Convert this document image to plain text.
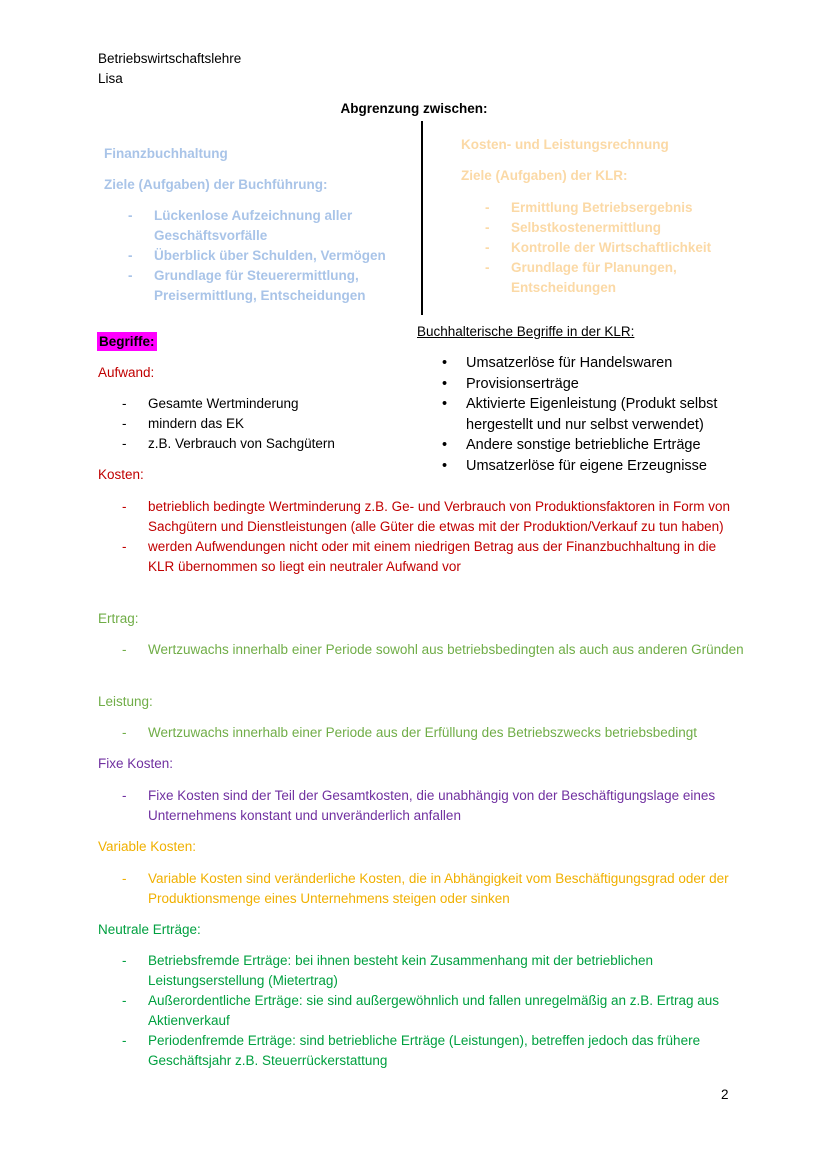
Betriebswirtschaftslehre
Lisa
Abgrenzung zwischen:
Finanzbuchhaltung
Ziele (Aufgaben) der Buchführung:
- Lückenlose Aufzeichnung aller Geschäftsvorfälle
- Überblick über Schulden, Vermögen
- Grundlage für Steuerermittlung, Preisermittlung, Entscheidungen
Kosten- und Leistungsrechnung
Ziele (Aufgaben) der KLR:
- Ermittlung Betriebsergebnis
- Selbstkostenermittlung
- Kontrolle der Wirtschaftlichkeit
- Grundlage für Planungen, Entscheidungen
Begriffe:
Buchhalterische Begriffe in der KLR:
• Umsatzerlöse für Handelswaren
• Provisionserträge
• Aktivierte Eigenleistung (Produkt selbst hergestellt und nur selbst verwendet)
• Andere sonstige betriebliche Erträge
• Umsatzerlöse für eigene Erzeugnisse
Aufwand:
- Gesamte Wertminderung
- mindern das EK
- z.B. Verbrauch von Sachgütern
Kosten:
- betrieblich bedingte Wertminderung z.B. Ge- und Verbrauch von Produktionsfaktoren in Form von Sachgütern und Dienstleistungen (alle Güter die etwas mit der Produktion/Verkauf zu tun haben)
- werden Aufwendungen nicht oder mit einem niedrigen Betrag aus der Finanzbuchhaltung in die KLR übernommen so liegt ein neutraler Aufwand vor
Ertrag:
- Wertzuwachs innerhalb einer Periode sowohl aus betriebsbedingten als auch aus anderen Gründen
Leistung:
- Wertzuwachs innerhalb einer Periode aus der Erfüllung des Betriebszwecks betriebsbedingt
Fixe Kosten:
- Fixe Kosten sind der Teil der Gesamtkosten, die unabhängig von der Beschäftigungslage eines Unternehmens konstant und unveränderlich anfallen
Variable Kosten:
- Variable Kosten sind veränderliche Kosten, die in Abhängigkeit vom Beschäftigungsgrad oder der Produktionsmenge eines Unternehmens steigen oder sinken
Neutrale Erträge:
- Betriebsfremde Erträge: bei ihnen besteht kein Zusammenhang mit der betrieblichen Leistungserstellung (Mietertrag)
- Außerordentliche Erträge: sie sind außergewöhnlich und fallen unregelmäßig an z.B. Ertrag aus Aktienverkauf
- Periodenfremde Erträge: sind betriebliche Erträge (Leistungen), betreffen jedoch das frühere Geschäftsjahr z.B. Steuerrückerstattung
2
